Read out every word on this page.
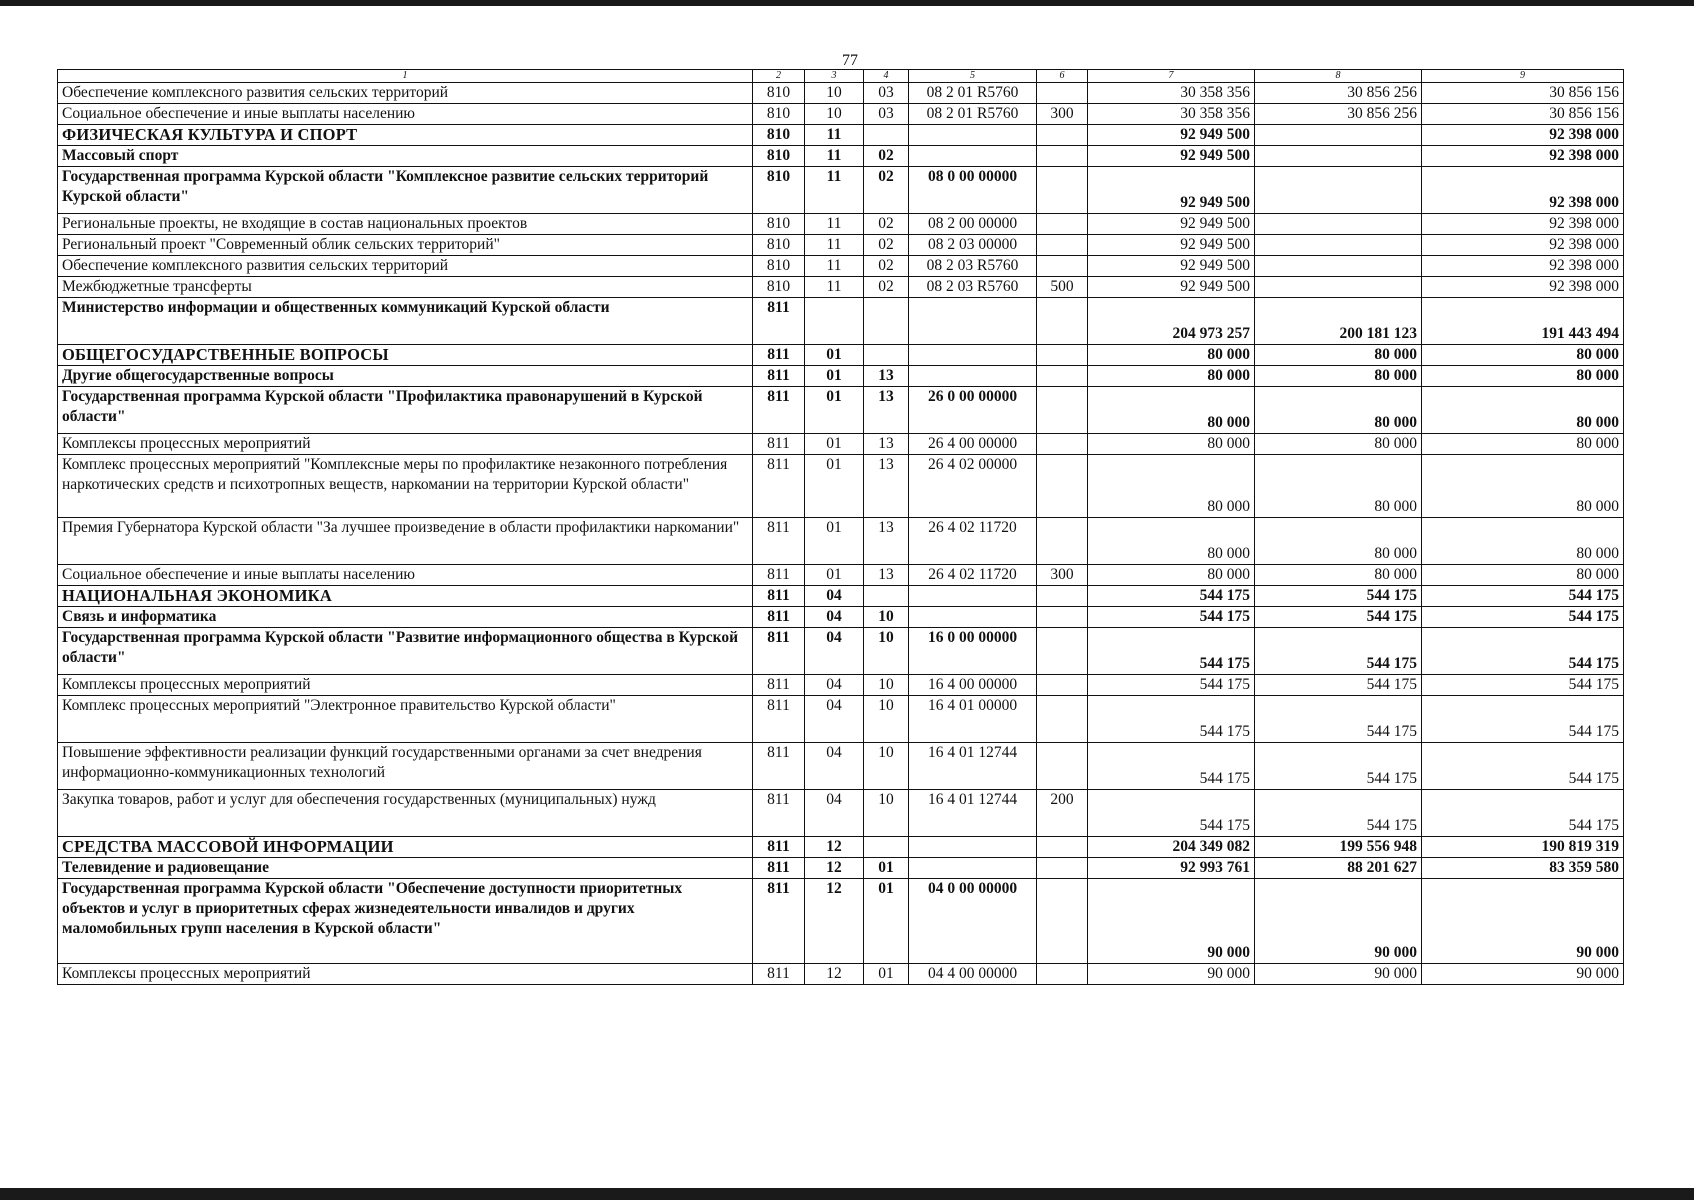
77
1	2	3	4	5	6	7	8	9
Обеспечение комплексного развития сельских территорий	810	10	03	08 2 01 R5760		30 358 356	30 856 256	30 856 156
Социальное обеспечение и иные выплаты населению	810	10	03	08 2 01 R5760	300	30 358 356	30 856 256	30 856 156
ФИЗИЧЕСКАЯ КУЛЬТУРА И СПОРТ	810	11				92 949 500		92 398 000
Массовый спорт	810	11	02			92 949 500		92 398 000
Государственная программа Курской области "Комплексное развитие сельских территорий Курской области"	810	11	02	08 0 00 00000		92 949 500		92 398 000
Региональные проекты, не входящие в состав национальных проектов	810	11	02	08 2 00 00000		92 949 500		92 398 000
Региональный проект "Современный облик сельских территорий"	810	11	02	08 2 03 00000		92 949 500		92 398 000
Обеспечение комплексного развития сельских территорий	810	11	02	08 2 03 R5760		92 949 500		92 398 000
Межбюджетные трансферты	810	11	02	08 2 03 R5760	500	92 949 500		92 398 000
Министерство информации и общественных коммуникаций Курской области	811					204 973 257	200 181 123	191 443 494
ОБЩЕГОСУДАРСТВЕННЫЕ ВОПРОСЫ	811	01				80 000	80 000	80 000
Другие общегосударственные вопросы	811	01	13			80 000	80 000	80 000
Государственная программа Курской области "Профилактика правонарушений в Курской области"	811	01	13	26 0 00 00000		80 000	80 000	80 000
Комплексы процессных мероприятий	811	01	13	26 4 00 00000		80 000	80 000	80 000
Комплекс процессных мероприятий "Комплексные меры по профилактике незаконного потребления наркотических средств и психотропных веществ, наркомании на территории Курской области"	811	01	13	26 4 02 00000		80 000	80 000	80 000
Премия Губернатора Курской области "За лучшее произведение в области профилактики наркомании"	811	01	13	26 4 02 11720		80 000	80 000	80 000
Социальное обеспечение и иные выплаты населению	811	01	13	26 4 02 11720	300	80 000	80 000	80 000
НАЦИОНАЛЬНАЯ ЭКОНОМИКА	811	04				544 175	544 175	544 175
Связь и информатика	811	04	10			544 175	544 175	544 175
Государственная программа Курской области "Развитие информационного общества в Курской области"	811	04	10	16 0 00 00000		544 175	544 175	544 175
Комплексы процессных мероприятий	811	04	10	16 4 00 00000		544 175	544 175	544 175
Комплекс процессных мероприятий "Электронное правительство Курской области"	811	04	10	16 4 01 00000		544 175	544 175	544 175
Повышение эффективности реализации функций государственными органами за счет внедрения информационно-коммуникационных технологий	811	04	10	16 4 01 12744		544 175	544 175	544 175
Закупка товаров, работ и услуг для обеспечения государственных (муниципальных) нужд	811	04	10	16 4 01 12744	200	544 175	544 175	544 175
СРЕДСТВА МАССОВОЙ ИНФОРМАЦИИ	811	12				204 349 082	199 556 948	190 819 319
Телевидение и радиовещание	811	12	01			92 993 761	88 201 627	83 359 580
Государственная программа Курской области "Обеспечение доступности приоритетных объектов и услуг в приоритетных сферах жизнедеятельности инвалидов и других маломобильных групп населения в Курской области"	811	12	01	04 0 00 00000		90 000	90 000	90 000
Комплексы процессных мероприятий	811	12	01	04 4 00 00000		90 000	90 000	90 000
